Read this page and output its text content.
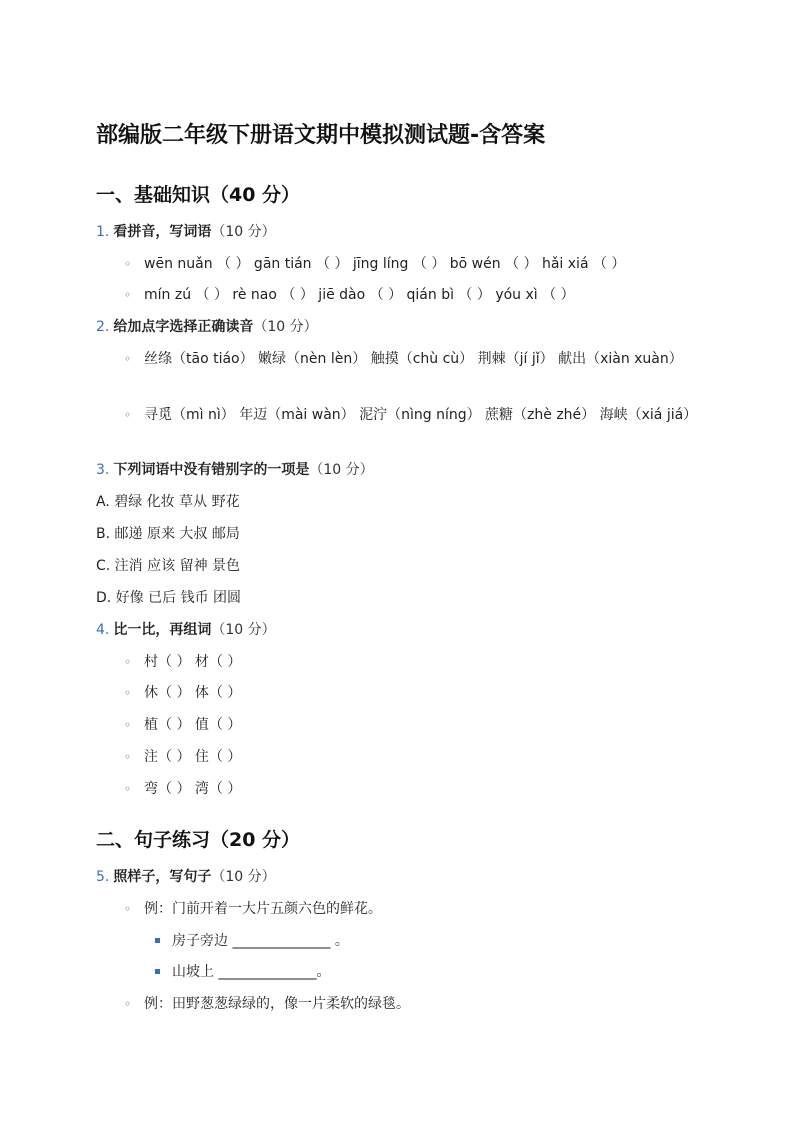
部编版二年级下册语文期中模拟测试题-含答案
一、基础知识（40 分）
1. 看拼音，写词语（10 分）
◦ wēn nuǎn （ ） gān tián （ ） jīng líng （ ） bō wén （ ） hǎi xiá （ ）
◦ mín zú （ ） rè nao （ ） jiē dào （ ） qián bì （ ） yóu xì （ ）
2. 给加点字选择正确读音（10 分）
◦ 丝绦（tāo tiáo） 嫩绿（nèn lèn） 触摸（chù cù） 荆棘（jí jǐ） 献出（xiàn xuàn）
◦ 寻觅（mì nì） 年迈（mài wàn） 泥泞（nìng níng） 蔗糖（zhè zhé） 海峡（xiá jiá）
3. 下列词语中没有错别字的一项是（10 分）
A. 碧绿 化妆 草从 野花
B. 邮递 原来 大叔 邮局
C. 注消 应该 留神 景色
D. 好像 已后 钱币 团圆
4. 比一比，再组词（10 分）
◦ 村（ ） 材（ ）
◦ 休（ ） 体（ ）
◦ 植（ ） 值（ ）
◦ 注（ ） 住（ ）
◦ 弯（ ） 湾（ ）
二、句子练习（20 分）
5. 照样子，写句子（10 分）
◦ 例：门前开着一大片五颜六色的鲜花。
房子旁边 ______________ 。
山坡上 ______________。
◦ 例：田野葱葱绿绿的，像一片柔软的绿毯。
